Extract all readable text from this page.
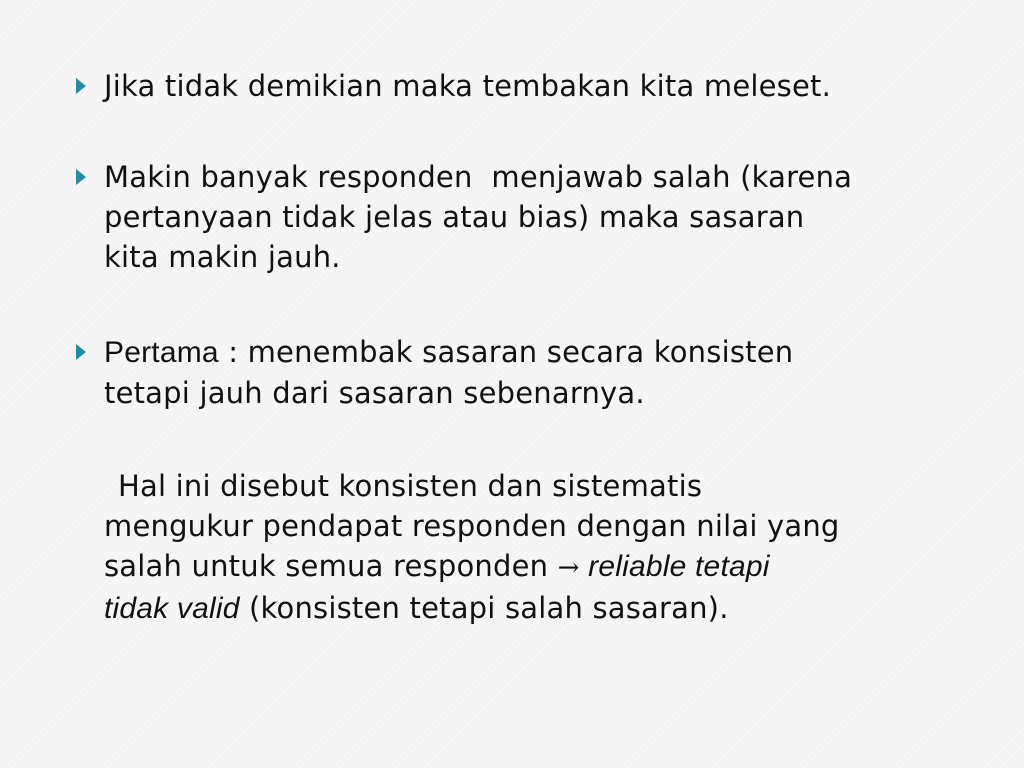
Jika tidak demikian maka tembakan kita meleset.
Makin banyak responden  menjawab salah (karena
pertanyaan tidak jelas atau bias) maka sasaran
kita makin jauh.
Pertama : menembak sasaran secara konsisten
tetapi jauh dari sasaran sebenarnya.
Hal ini disebut konsisten dan sistematis
mengukur pendapat responden dengan nilai yang
salah untuk semua responden → reliable tetapi
tidak valid (konsisten tetapi salah sasaran).
